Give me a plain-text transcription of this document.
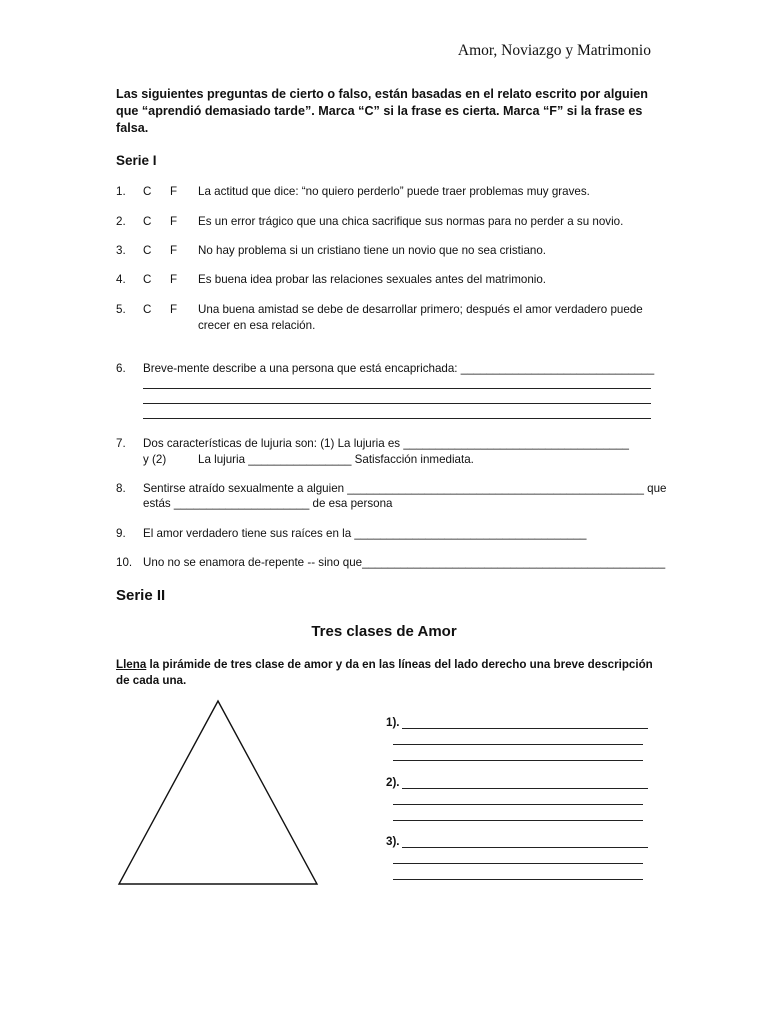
Amor, Noviazgo y Matrimonio
Las siguientes preguntas de cierto o falso, están basadas en el relato escrito por alguien que “aprendió demasiado tarde”. Marca “C” si la frase es cierta. Marca “F” si la frase es falsa.
Serie I
1. C F La actitud que dice: “no quiero perderlo” puede traer problemas muy graves.
2. C F Es un error trágico que una chica sacrifique sus normas para no perder a su novio.
3. C F No hay problema si un cristiano tiene un novio que no sea cristiano.
4. C F Es buena idea probar las relaciones sexuales antes del matrimonio.
5. C F Una buena amistad se debe de desarrollar primero; después el amor verdadero puede crecer en esa relación.
6. Breve-mente describe a una persona que está encaprichada: ______________________________
7. Dos características de lujuria son: (1) La lujuria es ___________________________________
y (2)	La lujuria ________________ Satisfacción inmediata.
8. Sentirse atraído sexualmente a alguien ______________________________________________ que
estás _____________________ de esa persona
9. El amor verdadero tiene sus raíces en la ____________________________________
10. Uno no se enamora de-repente -- sino que_______________________________________________
Serie II
Tres clases de Amor
Llena la pirámide de tres clase de amor y da en las líneas del lado derecho una breve descripción de cada una.
1).
2).
3).
